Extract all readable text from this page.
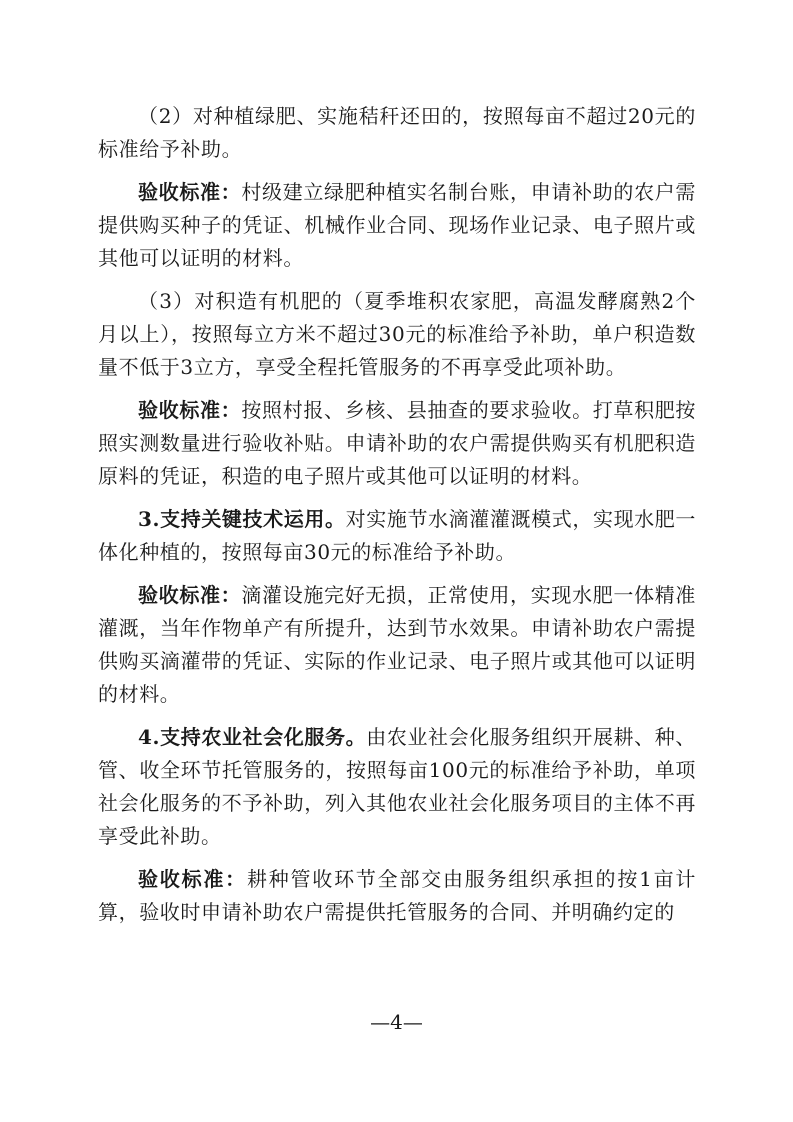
（2）对种植绿肥、实施秸秆还田的，按照每亩不超过20元的标准给予补助。

验收标准：村级建立绿肥种植实名制台账，申请补助的农户需提供购买种子的凭证、机械作业合同、现场作业记录、电子照片或其他可以证明的材料。

（3）对积造有机肥的（夏季堆积农家肥，高温发酵腐熟2个月以上），按照每立方米不超过30元的标准给予补助，单户积造数量不低于3立方，享受全程托管服务的不再享受此项补助。

验收标准：按照村报、乡核、县抽查的要求验收。打草积肥按照实测数量进行验收补贴。申请补助的农户需提供购买有机肥积造原料的凭证，积造的电子照片或其他可以证明的材料。

3.支持关键技术运用。对实施节水滴灌灌溉模式，实现水肥一体化种植的，按照每亩30元的标准给予补助。

验收标准：滴灌设施完好无损，正常使用，实现水肥一体精准灌溉，当年作物单产有所提升，达到节水效果。申请补助农户需提供购买滴灌带的凭证、实际的作业记录、电子照片或其他可以证明的材料。

4.支持农业社会化服务。由农业社会化服务组织开展耕、种、管、收全环节托管服务的，按照每亩100元的标准给予补助，单项社会化服务的不予补助，列入其他农业社会化服务项目的主体不再享受此补助。

验收标准：耕种管收环节全部交由服务组织承担的按1亩计算，验收时申请补助农户需提供托管服务的合同、并明确约定的

—4—
